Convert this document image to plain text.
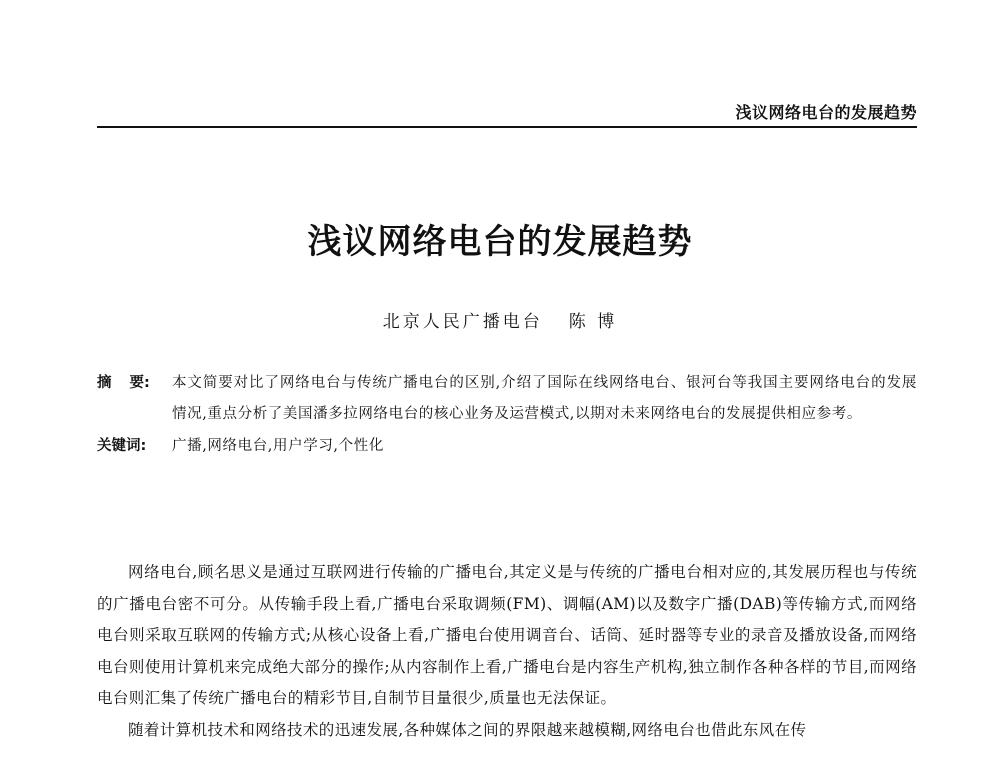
浅议网络电台的发展趋势
浅议网络电台的发展趋势
北京人民广播电台 陈 博
摘 要:	本文简要对比了网络电台与传统广播电台的区别,介绍了国际在线网络电台、银河台等我国主要网络电台的发展情况,重点分析了美国潘多拉网络电台的核心业务及运营模式,以期对未来网络电台的发展提供相应参考。
关键词:	广播,网络电台,用户学习,个性化

网络电台,顾名思义是通过互联网进行传输的广播电台,其定义是与传统的广播电台相对应的,其发展历程也与传统的广播电台密不可分。从传输手段上看,广播电台采取调频(FM)、调幅(AM)以及数字广播(DAB)等传输方式,而网络电台则采取互联网的传输方式;从核心设备上看,广播电台使用调音台、话筒、延时器等专业的录音及播放设备,而网络电台则使用计算机来完成绝大部分的操作;从内容制作上看,广播电台是内容生产机构,独立制作各种各样的节目,而网络电台则汇集了传统广播电台的精彩节目,自制节目量很少,质量也无法保证。

随着计算机技术和网络技术的迅速发展,各种媒体之间的界限越来越模糊,网络电台也借此东风在传
